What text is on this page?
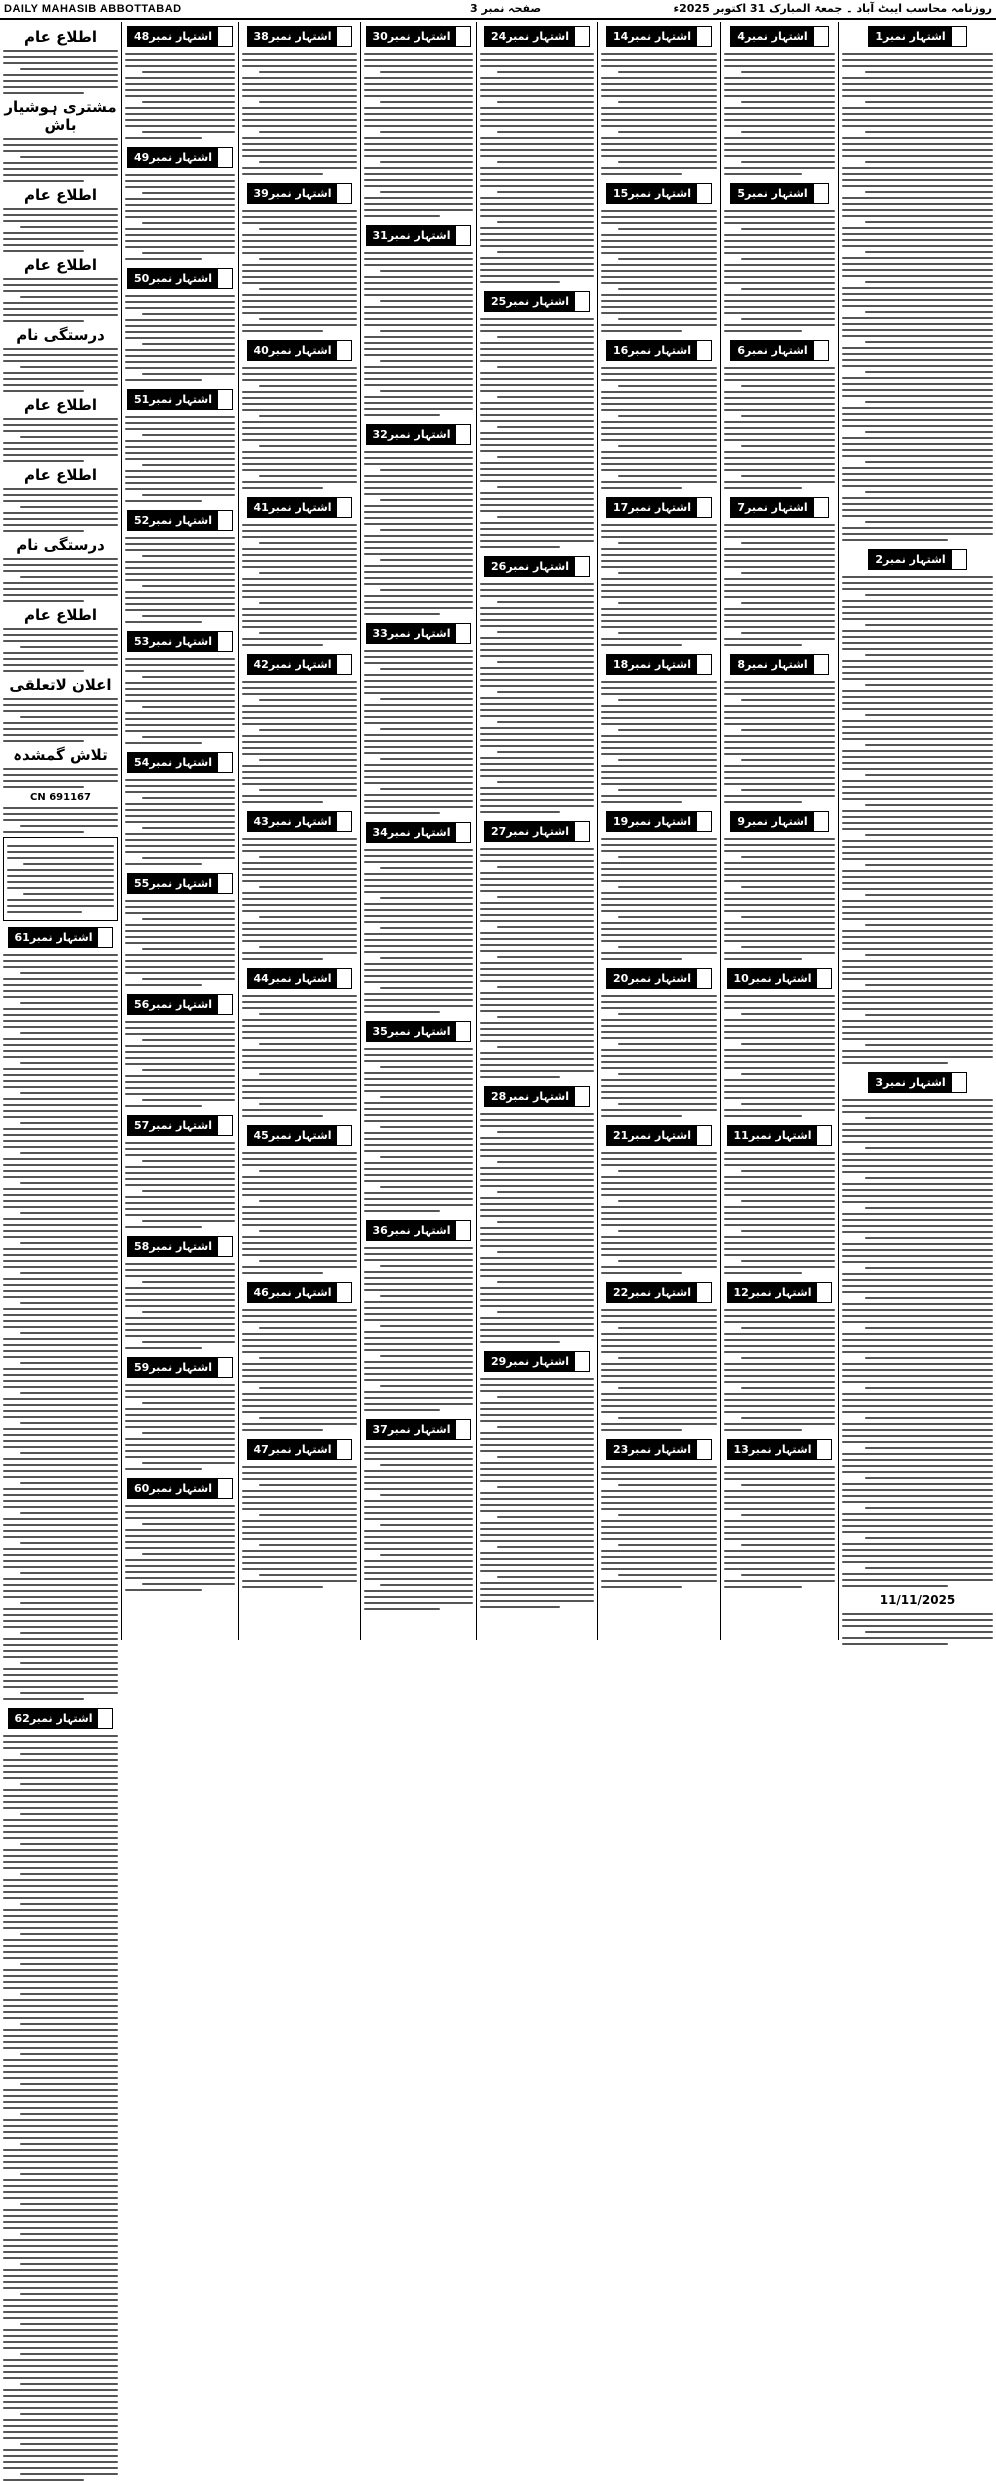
DAILY MAHASIB ABBOTTABAD	صفحہ نمبر 3	روزنامہ محاسب ایبٹ آباد ۔ جمعۃ المبارک 31 اکتوبر 2025ء
اشتہار نمبر1
اشتہار نمبر2
اشتہار نمبر3
11/11/2025
اشتہار نمبر4
اشتہار نمبر5
اشتہار نمبر6
اشتہار نمبر7
اشتہار نمبر8
اشتہار نمبر9
اشتہار نمبر10
اشتہار نمبر11
اشتہار نمبر12
اشتہار نمبر13
اشتہار نمبر14
اشتہار نمبر15
اشتہار نمبر16
اشتہار نمبر17
اشتہار نمبر18
اشتہار نمبر19
اشتہار نمبر20
اشتہار نمبر21
اشتہار نمبر22
اشتہار نمبر23
اشتہار نمبر24
اشتہار نمبر25
اشتہار نمبر26
اشتہار نمبر27
اشتہار نمبر28
اشتہار نمبر29
اشتہار نمبر30
اشتہار نمبر31
اشتہار نمبر32
اشتہار نمبر33
اشتہار نمبر34
اشتہار نمبر35
اشتہار نمبر36
اشتہار نمبر37
اشتہار نمبر38
اشتہار نمبر39
اشتہار نمبر40
اشتہار نمبر41
اشتہار نمبر42
اشتہار نمبر43
اشتہار نمبر44
اشتہار نمبر45
اشتہار نمبر46
اشتہار نمبر47
اشتہار نمبر48
اشتہار نمبر49
اشتہار نمبر50
اشتہار نمبر51
اشتہار نمبر52
اشتہار نمبر53
اشتہار نمبر54
اشتہار نمبر55
اشتہار نمبر56
اشتہار نمبر57
اشتہار نمبر58
اشتہار نمبر59
اشتہار نمبر60
اطلاع عام
مشتری ہوشیار باش
اطلاع عام
اطلاع عام
درستگی نام
اطلاع عام
اطلاع عام
درستگی نام
اطلاع عام
اعلان لاتعلقی
تلاش گمشدہ
CN 691167
اشتہار نمبر61
اشتہار نمبر62
